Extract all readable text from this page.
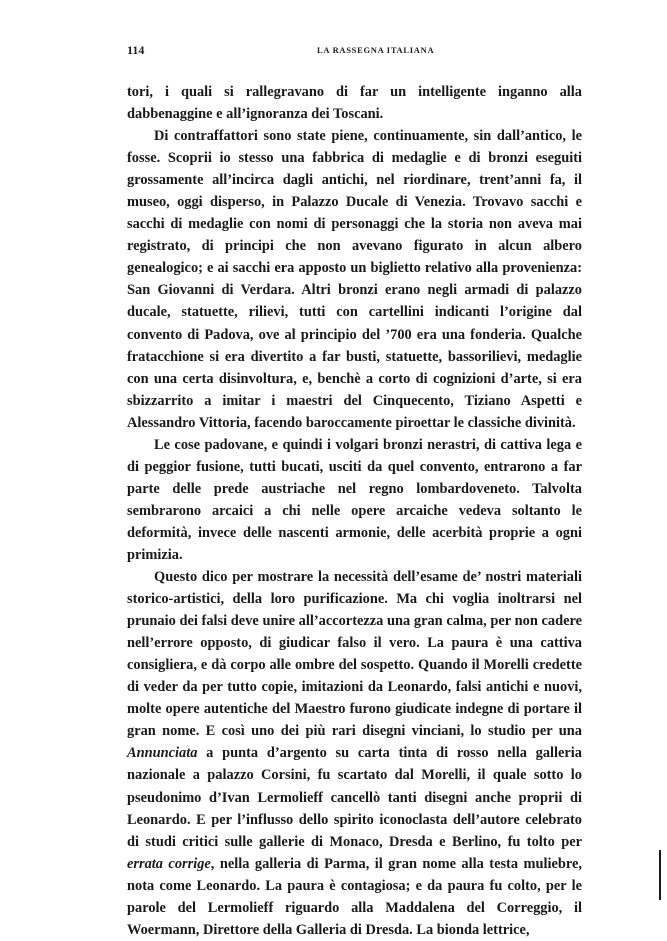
114	LA RASSEGNA ITALIANA

tori, i quali si rallegravano di far un intelligente inganno alla dabbenaggine e all’ignoranza dei Toscani.

Di contraffattori sono state piene, continuamente, sin dall’antico, le fosse. Scoprii io stesso una fabbrica di medaglie e di bronzi eseguiti grossamente all’incirca dagli antichi, nel riordinare, trent’anni fa, il museo, oggi disperso, in Palazzo Ducale di Venezia. Trovavo sacchi e sacchi di medaglie con nomi di personaggi che la storia non aveva mai registrato, di principi che non avevano figurato in alcun albero genealogico; e ai sacchi era apposto un biglietto relativo alla provenienza: San Giovanni di Verdara. Altri bronzi erano negli armadi di palazzo ducale, statuette, rilievi, tutti con cartellini indicanti l’origine dal convento di Padova, ove al principio del ’700 era una fonderia. Qualche fratacchione si era divertito a far busti, statuette, bassorilievi, medaglie con una certa disinvoltura, e, benchè a corto di cognizioni d’arte, si era sbizzarrito a imitar i maestri del Cinquecento, Tiziano Aspetti e Alessandro Vittoria, facendo baroccamente piroettar le classiche divinità.

Le cose padovane, e quindi i volgari bronzi nerastri, di cattiva lega e di peggior fusione, tutti bucati, usciti da quel convento, entrarono a far parte delle prede austriache nel regno lombardoveneto. Talvolta sembrarono arcaici a chi nelle opere arcaiche vedeva soltanto le deformità, invece delle nascenti armonie, delle acerbità proprie a ogni primizia.

Questo dico per mostrare la necessità dell’esame de’ nostri materiali storico-artistici, della loro purificazione. Ma chi voglia inoltrarsi nel prunaio dei falsi deve unire all’accortezza una gran calma, per non cadere nell’errore opposto, di giudicar falso il vero. La paura è una cattiva consigliera, e dà corpo alle ombre del sospetto. Quando il Morelli credette di veder da per tutto copie, imitazioni da Leonardo, falsi antichi e nuovi, molte opere autentiche del Maestro furono giudicate indegne di portare il gran nome. E così uno dei più rari disegni vinciani, lo studio per una Annunciata a punta d’argento su carta tinta di rosso nella galleria nazionale a palazzo Corsini, fu scartato dal Morelli, il quale sotto lo pseudonimo d’Ivan Lermolieff cancellò tanti disegni anche proprii di Leonardo. E per l’influsso dello spirito iconoclasta dell’autore celebrato di studi critici sulle gallerie di Monaco, Dresda e Berlino, fu tolto per errata corrige, nella galleria di Parma, il gran nome alla testa muliebre, nota come Leonardo. La paura è contagiosa; e da paura fu colto, per le parole del Lermolieff riguardo alla Maddalena del Correggio, il Woermann, Direttore della Galleria di Dresda. La bionda lettrice,
